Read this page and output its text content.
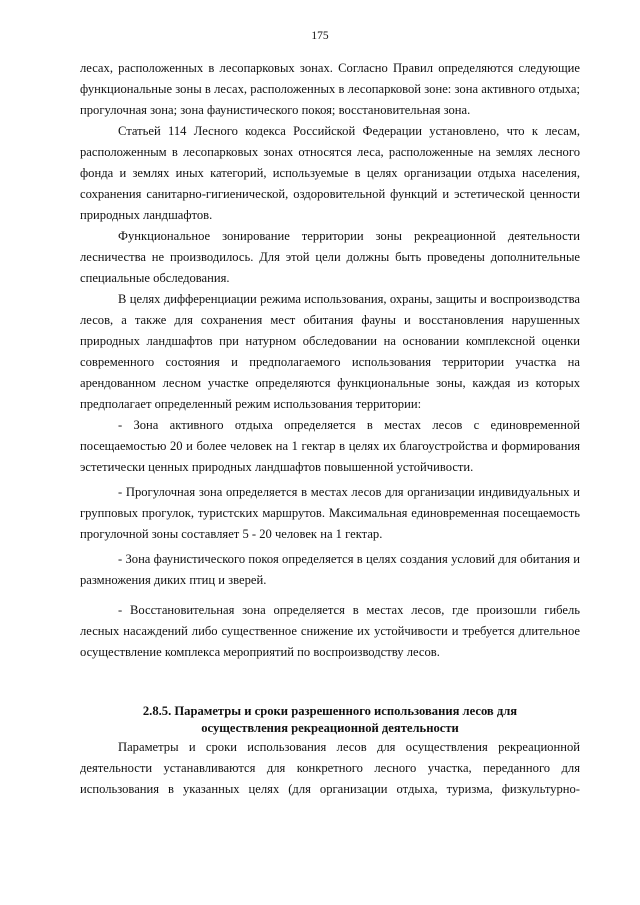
175

лесах, расположенных в лесопарковых зонах. Согласно Правил определяются следующие функциональные зоны в лесах, расположенных в лесопарковой зоне: зона активного отдыха; прогулочная зона; зона фаунистического покоя; восстановительная зона.

Статьей 114 Лесного кодекса Российской Федерации установлено, что к лесам, расположенным в лесопарковых зонах относятся леса, расположенные на землях лесного фонда и землях иных категорий, используемые в целях организации отдыха населения, сохранения санитарно-гигиенической, оздоровительной функций и эстетической ценности природных ландшафтов.

Функциональное зонирование территории зоны рекреационной деятельности лесничества не производилось. Для этой цели должны быть проведены дополнительные специальные обследования.

В целях дифференциации режима использования, охраны, защиты и воспроизводства лесов, а также для сохранения мест обитания фауны и восстановления нарушенных природных ландшафтов при натурном обследовании на основании комплексной оценки современного состояния и предполагаемого использования территории участка на арендованном лесном участке определяются функциональные зоны, каждая из которых предполагает определенный режим использования территории:

- Зона активного отдыха определяется в местах лесов с единовременной посещаемостью 20 и более человек на 1 гектар в целях их благоустройства и формирования эстетически ценных природных ландшафтов повышенной устойчивости.

- Прогулочная зона определяется в местах лесов для организации индивидуальных и групповых прогулок, туристских маршрутов. Максимальная единовременная посещаемость прогулочной зоны составляет 5 - 20 человек на 1 гектар.

- Зона фаунистического покоя определяется в целях создания условий для обитания и размножения диких птиц и зверей.

- Восстановительная зона определяется в местах лесов, где произошли гибель лесных насаждений либо существенное снижение их устойчивости и требуется длительное осуществление комплекса мероприятий по воспроизводству лесов.

2.8.5. Параметры и сроки разрешенного использования лесов для
осуществления рекреационной деятельности

Параметры и сроки использования лесов для осуществления рекреационной деятельности устанавливаются для конкретного лесного участка, переданного для использования в указанных целях (для организации отдыха, туризма, физкультурно-
